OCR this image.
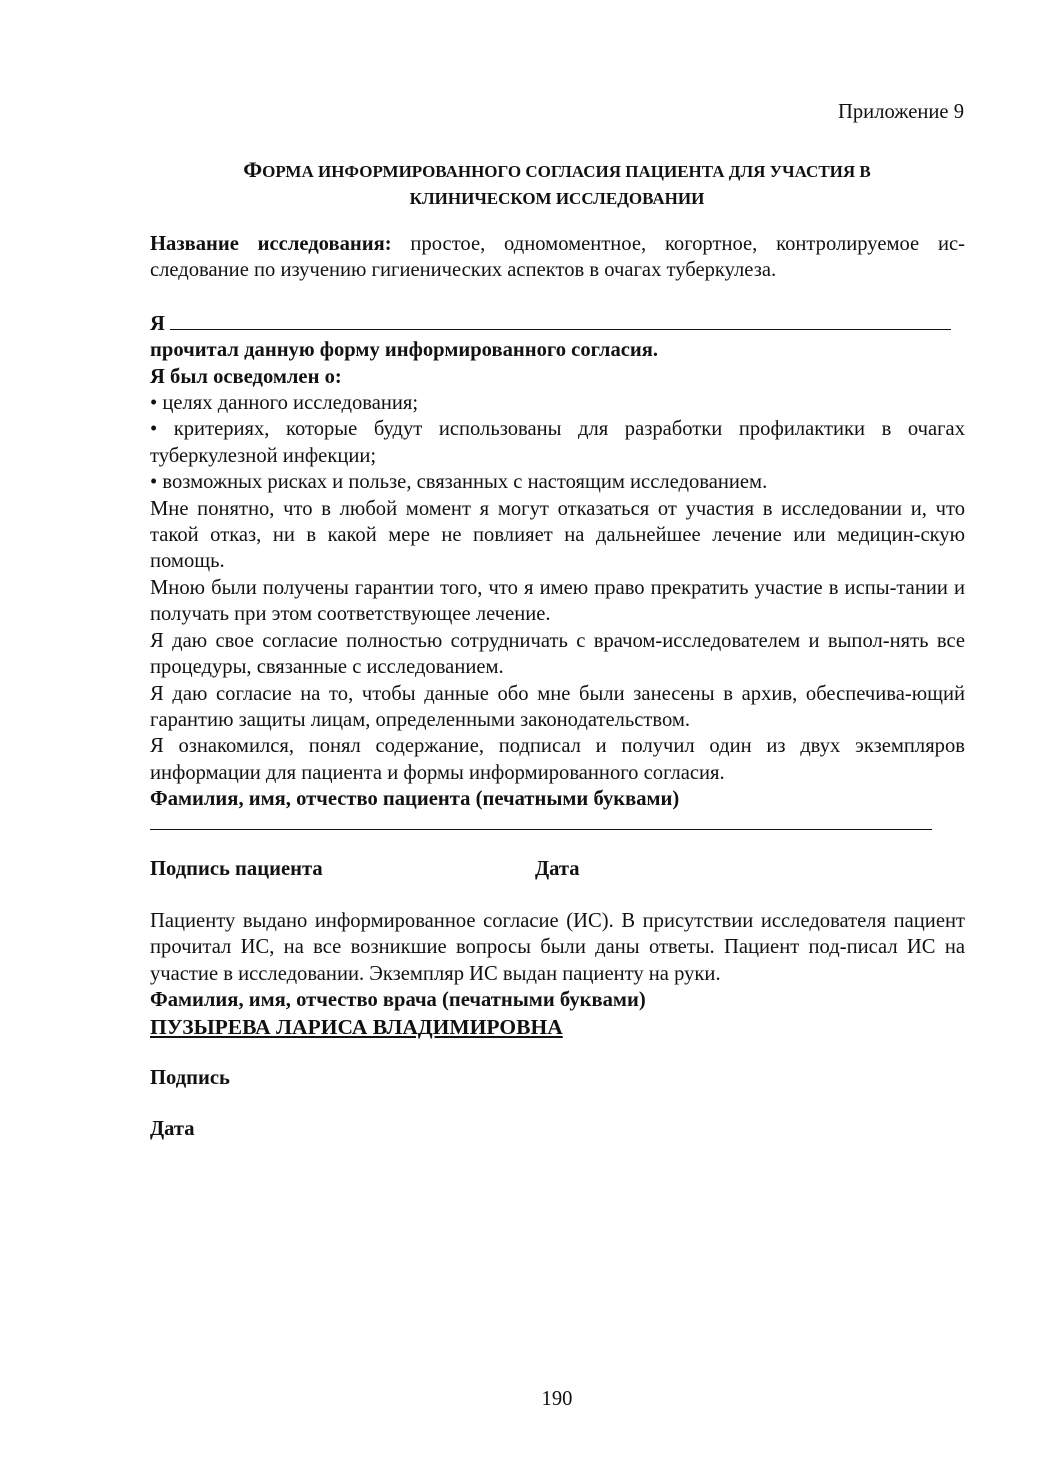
Приложение 9
ФОРМА ИНФОРМИРОВАННОГО СОГЛАСИЯ ПАЦИЕНТА ДЛЯ УЧАСТИЯ В
КЛИНИЧЕСКОМ ИССЛЕДОВАНИИ

Название исследования: простое, одномоментное, когортное, контролируемое ис-следование по изучению гигиенических аспектов в очагах туберкулеза.

Я

прочитал данную форму информированного согласия.

Я был осведомлен о:

• целях данного исследования;

• критериях, которые будут использованы для разработки профилактики в очагах туберкулезной инфекции;

• возможных рисках и пользе, связанных с настоящим исследованием.

Мне понятно, что в любой момент я могут отказаться от участия в исследовании и, что такой отказ, ни в какой мере не повлияет на дальнейшее лечение или медицин-скую помощь.

Мною были получены гарантии того, что я имею право прекратить участие в испы-тании и получать при этом соответствующее лечение.

Я даю свое согласие полностью сотрудничать с врачом-исследователем и выпол-нять все процедуры, связанные с исследованием.

Я даю согласие на то, чтобы данные обо мне были занесены в архив, обеспечива-ющий гарантию защиты лицам, определенными законодательством.

Я ознакомился, понял содержание, подписал и получил один из двух экземпляров информации для пациента и формы информированного согласия.

Фамилия, имя, отчество пациента (печатными буквами)

Подпись пациента	Дата

Пациенту выдано информированное согласие (ИС). В присутствии исследователя пациент прочитал ИС, на все возникшие вопросы были даны ответы. Пациент под-писал ИС на участие в исследовании. Экземпляр ИС выдан пациенту на руки.

Фамилия, имя, отчество врача (печатными буквами)

ПУЗЫРЕВА ЛАРИСА ВЛАДИМИРОВНА

Подпись

Дата

190
